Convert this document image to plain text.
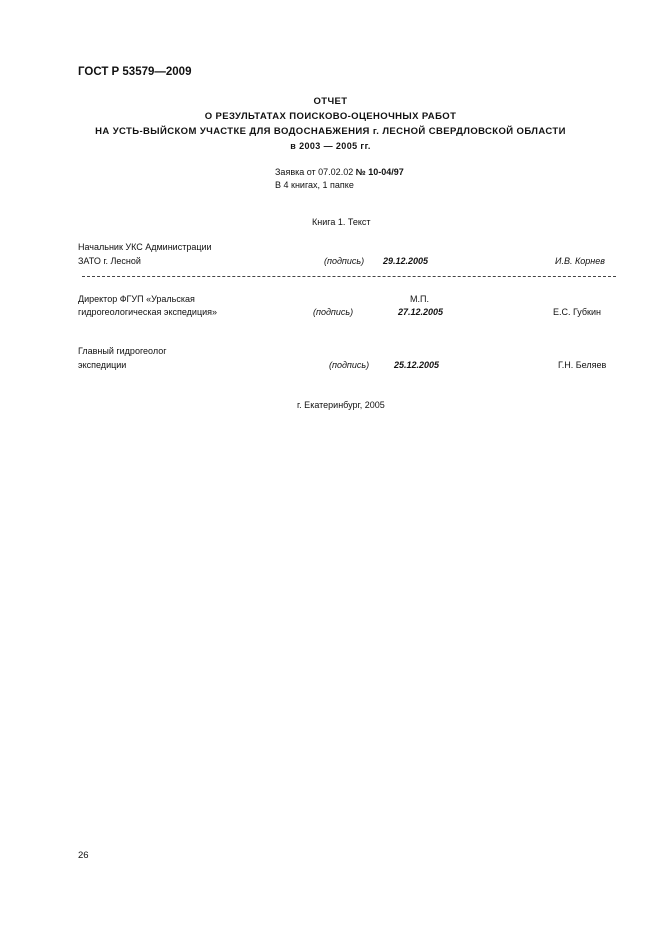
ГОСТ Р 53579—2009
ОТЧЕТ
О РЕЗУЛЬТАТАХ ПОИСКОВО-ОЦЕНОЧНЫХ РАБОТ
НА УСТЬ-ВЫЙСКОМ УЧАСТКЕ ДЛЯ ВОДОСНАБЖЕНИЯ г. ЛЕСНОЙ СВЕРДЛОВСКОЙ ОБЛАСТИ
в 2003 — 2005 гг.
Заявка от 07.02.02 № 10-04/97
В 4 книгах, 1 папке
Книга 1. Текст
Начальник УКС Администрации
ЗАТО г. Лесной	(подпись) 29.12.2005	И.В. Корнев
М.П.
Директор ФГУП «Уральская
гидрогеологическая экспедиция»	(подпись)	27.12.2005	Е.С. Губкин
Главный гидрогеолог
экспедиции	(подпись)	25.12.2005	Г.Н. Беляев
г. Екатеринбург, 2005
26
